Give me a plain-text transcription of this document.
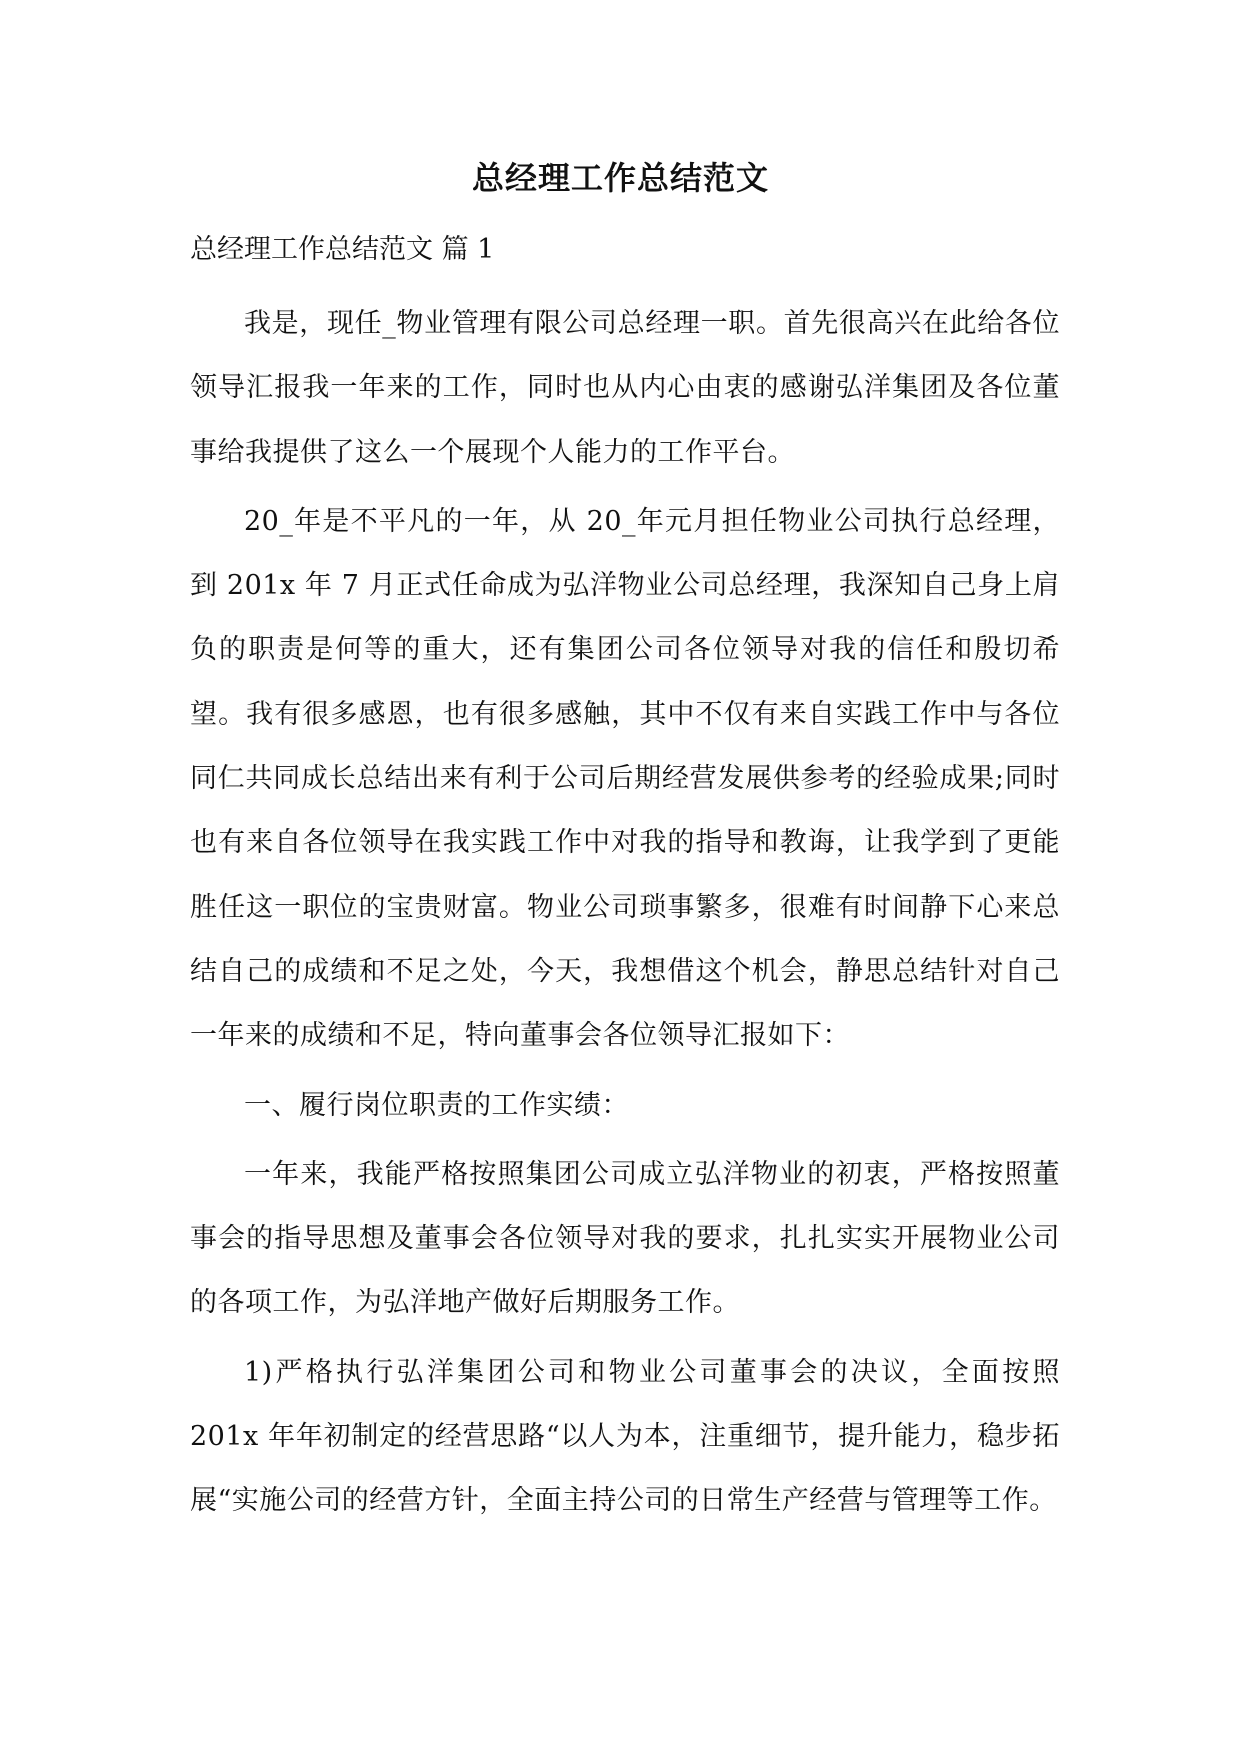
总经理工作总结范文
总经理工作总结范文 篇 1

我是，现任_物业管理有限公司总经理一职。首先很高兴在此给各位领导汇报我一年来的工作，同时也从内心由衷的感谢弘洋集团及各位董事给我提供了这么一个展现个人能力的工作平台。

20_年是不平凡的一年，从 20_年元月担任物业公司执行总经理，到 201x 年 7 月正式任命成为弘洋物业公司总经理，我深知自己身上肩负的职责是何等的重大，还有集团公司各位领导对我的信任和殷切希望。我有很多感恩，也有很多感触，其中不仅有来自实践工作中与各位同仁共同成长总结出来有利于公司后期经营发展供参考的经验成果;同时也有来自各位领导在我实践工作中对我的指导和教诲，让我学到了更能胜任这一职位的宝贵财富。物业公司琐事繁多，很难有时间静下心来总结自己的成绩和不足之处，今天，我想借这个机会，静思总结针对自己一年来的成绩和不足，特向董事会各位领导汇报如下：

一、履行岗位职责的工作实绩：

一年来，我能严格按照集团公司成立弘洋物业的初衷，严格按照董事会的指导思想及董事会各位领导对我的要求，扎扎实实开展物业公司的各项工作，为弘洋地产做好后期服务工作。

1)严格执行弘洋集团公司和物业公司董事会的决议，全面按照 201x 年年初制定的经营思路“以人为本，注重细节，提升能力，稳步拓展“实施公司的经营方针，全面主持公司的日常生产经营与管理等工作。
